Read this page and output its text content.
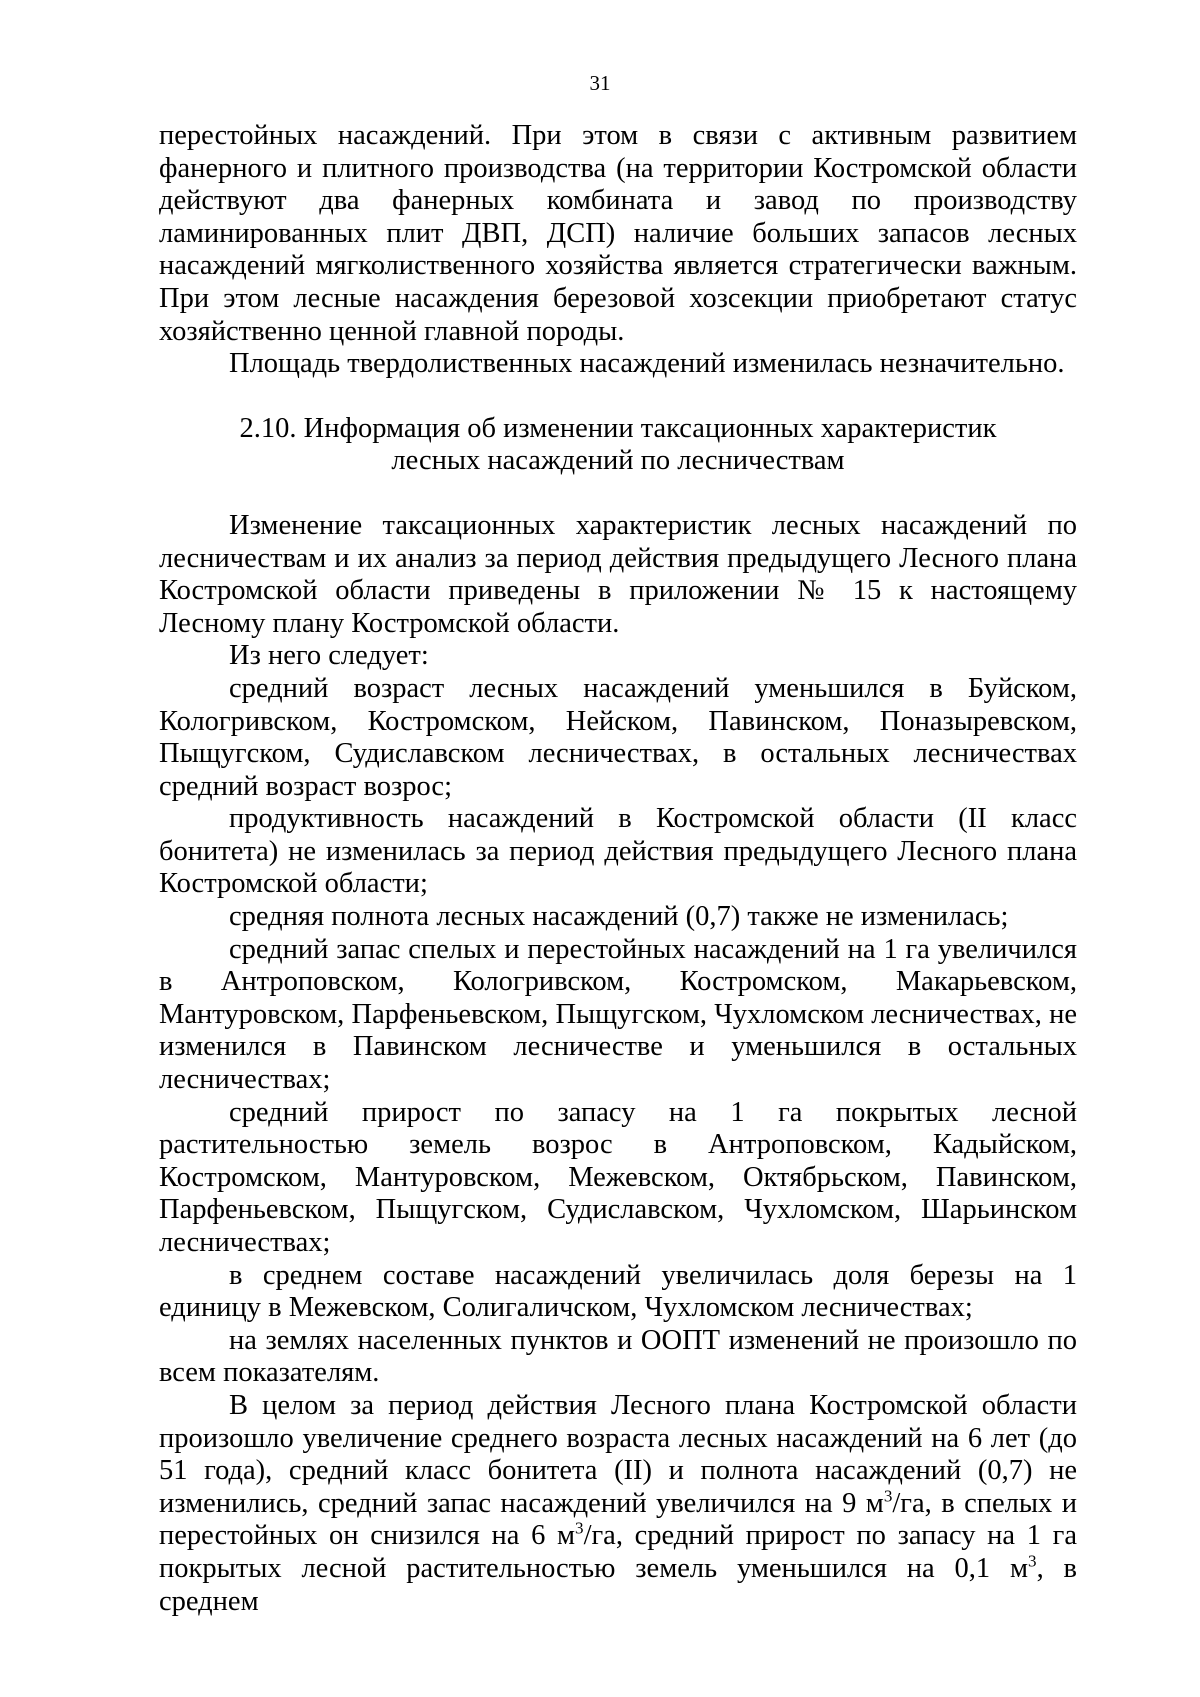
31

перестойных насаждений. При этом в связи с активным развитием фанерного и плитного производства (на территории Костромской области действуют два фанерных комбината и завод по производству ламинированных плит ДВП, ДСП) наличие больших запасов лесных насаждений мягколиственного хозяйства является стратегически важным. При этом лесные насаждения березовой хозсекции приобретают статус хозяйственно ценной главной породы.

Площадь твердолиственных насаждений изменилась незначительно.

2.10. Информация об изменении таксационных характеристик
лесных насаждений по лесничествам

Изменение таксационных характеристик лесных насаждений по лесничествам и их анализ за период действия предыдущего Лесного плана Костромской области приведены в приложении № 15 к настоящему Лесному плану Костромской области.

Из него следует:

средний возраст лесных насаждений уменьшился в Буйском, Кологривском, Костромском, Нейском, Павинском, Поназыревском, Пыщугском, Судиславском лесничествах, в остальных лесничествах средний возраст возрос;

продуктивность насаждений в Костромской области (II класс бонитета) не изменилась за период действия предыдущего Лесного плана Костромской области;

средняя полнота лесных насаждений (0,7) также не изменилась;

средний запас спелых и перестойных насаждений на 1 га увеличился в Антроповском, Кологривском, Костромском, Макарьевском, Мантуровском, Парфеньевском, Пыщугском, Чухломском лесничествах, не изменился в Павинском лесничестве и уменьшился в остальных лесничествах;

средний прирост по запасу на 1 га покрытых лесной растительностью земель возрос в Антроповском, Кадыйском, Костромском, Мантуровском, Межевском, Октябрьском, Павинском, Парфеньевском, Пыщугском, Судиславском, Чухломском, Шарьинском лесничествах;

в среднем составе насаждений увеличилась доля березы на 1 единицу в Межевском, Солигаличском, Чухломском лесничествах;

на землях населенных пунктов и ООПТ изменений не произошло по всем показателям.

В целом за период действия Лесного плана Костромской области произошло увеличение среднего возраста лесных насаждений на 6 лет (до 51 года), средний класс бонитета (II) и полнота насаждений (0,7) не изменились, средний запас насаждений увеличился на 9 $м^3/га$, в спелых и перестойных он снизился на 6 $м^3/га$, средний прирост по запасу на 1 га покрытых лесной растительностью земель уменьшился на 0,1 $м^3$, в среднем
